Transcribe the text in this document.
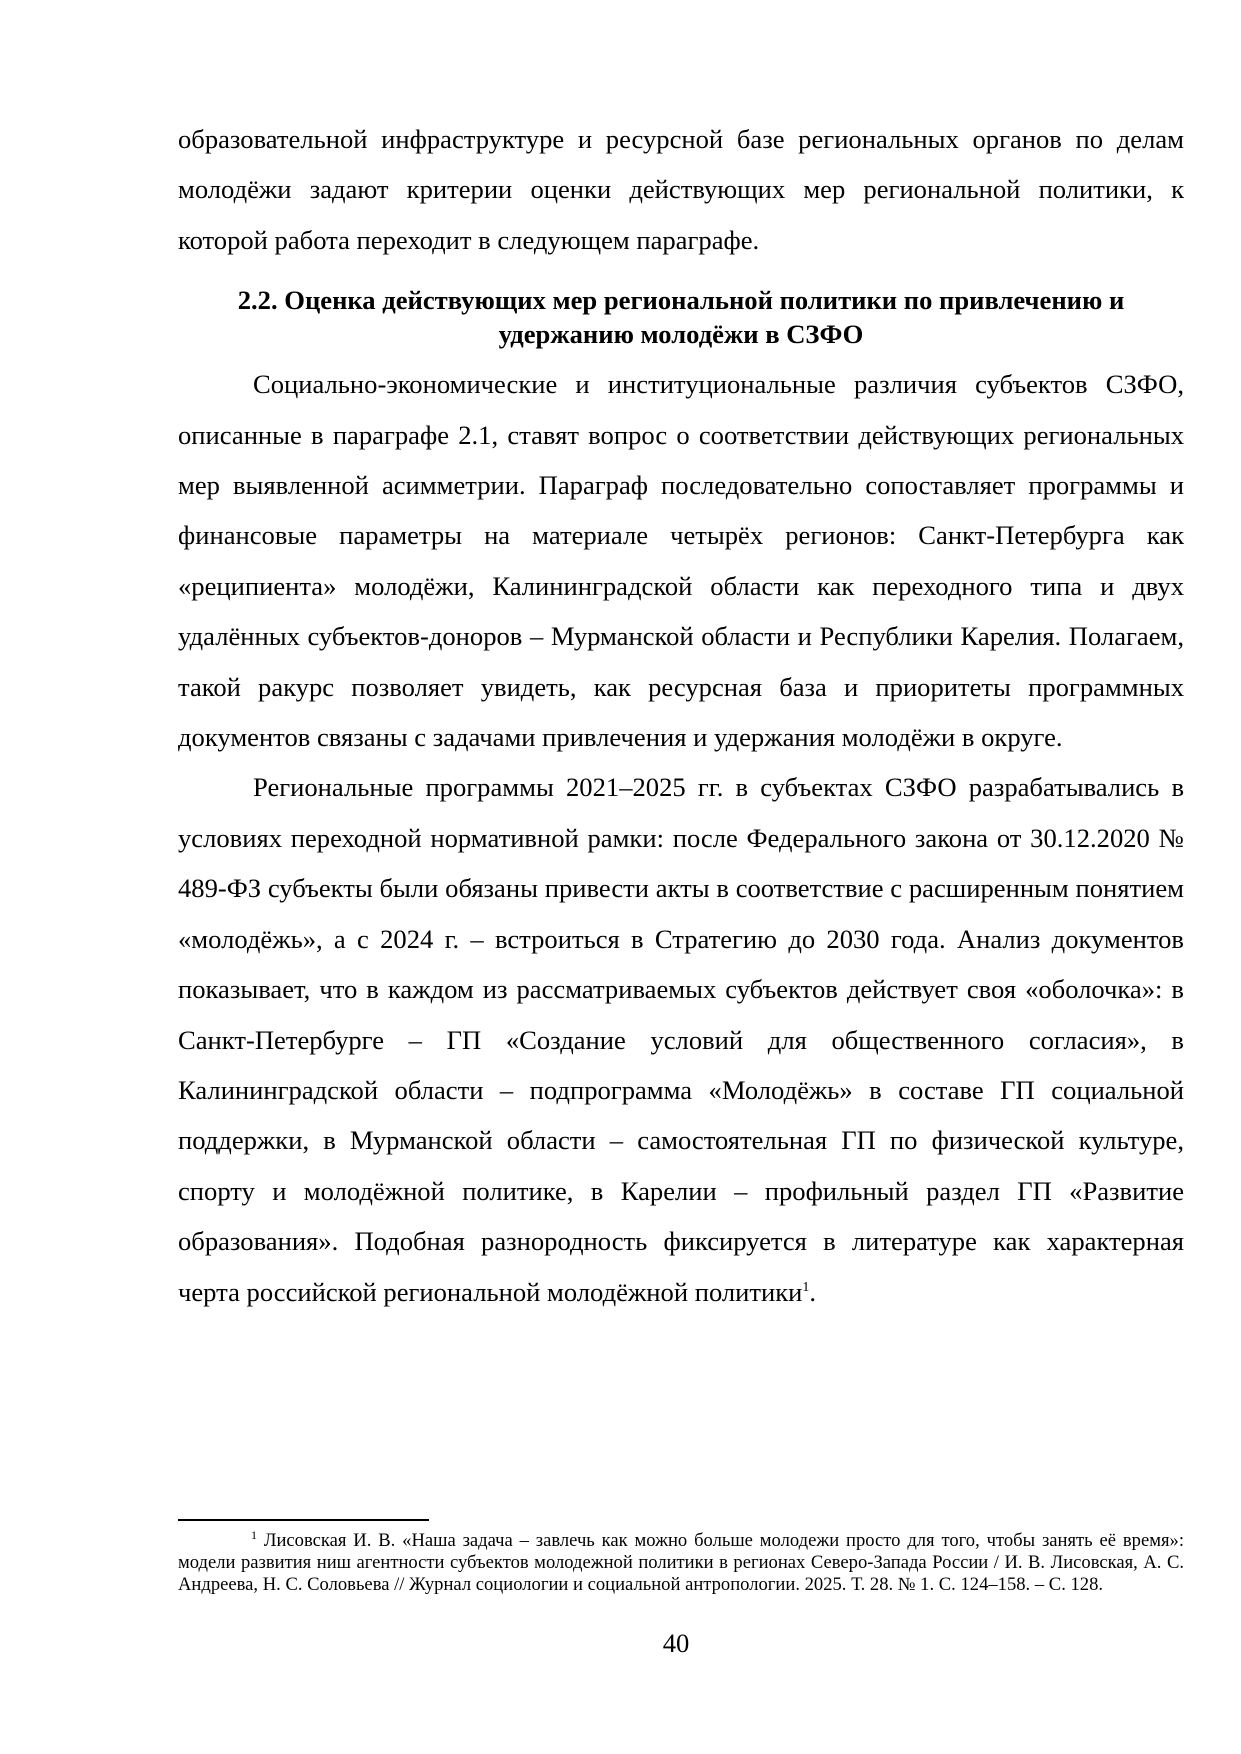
образовательной инфраструктуре и ресурсной базе региональных органов по делам молодёжи задают критерии оценки действующих мер региональной политики, к которой работа переходит в следующем параграфе.

2.2. Оценка действующих мер региональной политики по привлечению и удержанию молодёжи в СЗФО

Социально-экономические и институциональные различия субъектов СЗФО, описанные в параграфе 2.1, ставят вопрос о соответствии действующих региональных мер выявленной асимметрии. Параграф последовательно сопоставляет программы и финансовые параметры на материале четырёх регионов: Санкт-Петербурга как «реципиента» молодёжи, Калининградской области как переходного типа и двух удалённых субъектов-доноров – Мурманской области и Республики Карелия. Полагаем, такой ракурс позволяет увидеть, как ресурсная база и приоритеты программных документов связаны с задачами привлечения и удержания молодёжи в округе.

Региональные программы 2021–2025 гг. в субъектах СЗФО разрабатывались в условиях переходной нормативной рамки: после Федерального закона от 30.12.2020 № 489-ФЗ субъекты были обязаны привести акты в соответствие с расширенным понятием «молодёжь», а с 2024 г. – встроиться в Стратегию до 2030 года. Анализ документов показывает, что в каждом из рассматриваемых субъектов действует своя «оболочка»: в Санкт-Петербурге – ГП «Создание условий для общественного согласия», в Калининградской области – подпрограмма «Молодёжь» в составе ГП социальной поддержки, в Мурманской области – самостоятельная ГП по физической культуре, спорту и молодёжной политике, в Карелии – профильный раздел ГП «Развитие образования». Подобная разнородность фиксируется в литературе как характерная черта российской региональной молодёжной политики$^1$.

$^1$ Лисовская И. В. «Наша задача – завлечь как можно больше молодежи просто для того, чтобы занять её время»: модели развития ниш агентности субъектов молодежной политики в регионах Северо-Запада России / И. В. Лисовская, А. С. Андреева, Н. С. Соловьева // Журнал социологии и социальной антропологии. 2025. Т. 28. № 1. С. 124–158. – С. 128.

40
